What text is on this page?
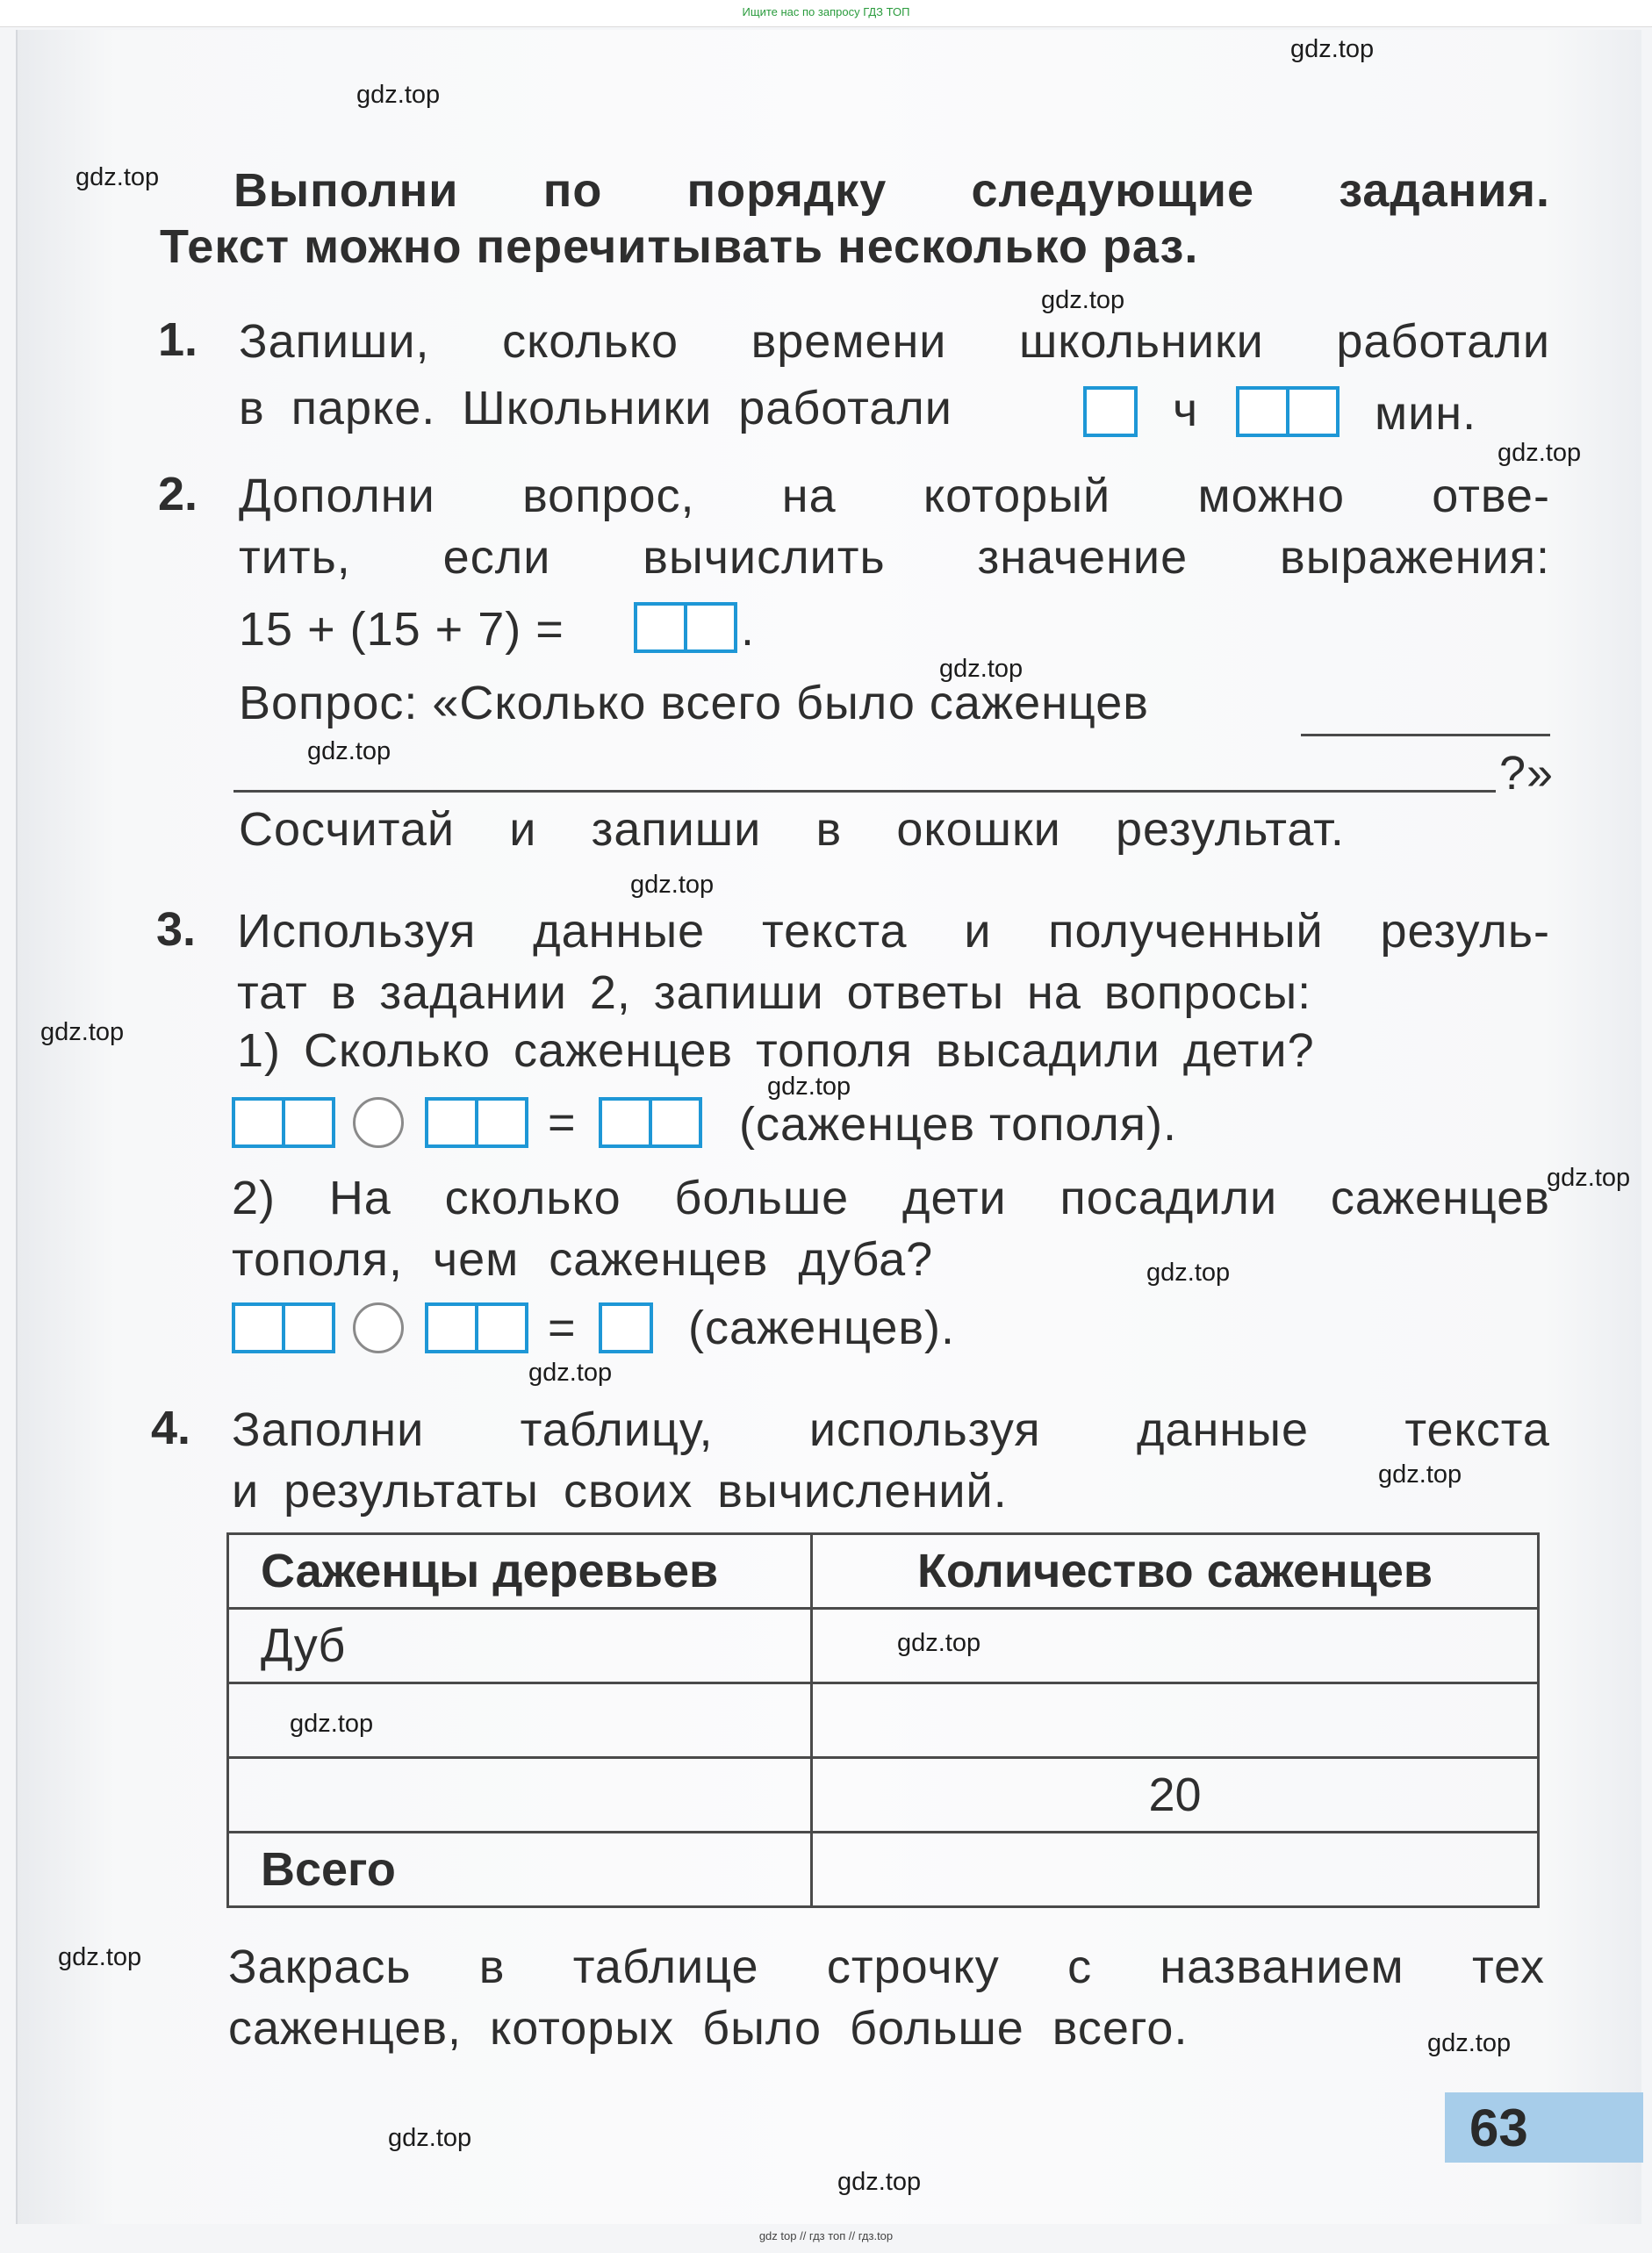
Ищите нас по запросу ГДЗ ТОП
Выполни по порядку следующие задания.
Текст можно перечитывать несколько раз.
1. Запиши, сколько времени школьники работали
в парке. Школьники работали	ч	мин.
2. Дополни вопрос, на который можно отве-
тить, если вычислить значение выражения:
15 + (15 + 7) =	.
Вопрос: «Сколько всего было саженцев
?»
Сосчитай и запиши в окошки результат.
3. Используя данные текста и полученный резуль-
тат в задании 2, запиши ответы на вопросы:
1) Сколько саженцев тополя высадили дети?
=	(саженцев тополя).
2) На сколько больше дети посадили саженцев
тополя, чем саженцев дуба?
= (саженцев).
4. Заполни таблицу, используя данные текста
и результаты своих вычислений.
Саженцы деревьев	Количество саженцев
Дуб	

	20
Всего	
Закрась в таблице строчку с названием тех
саженцев, которых было больше всего.
63
gdz.top
gdz.top
gdz.top
gdz.top
gdz.top
gdz.top
gdz.top
gdz.top
gdz.top
gdz.top
gdz.top
gdz.top
gdz.top
gdz.top
gdz.top
gdz.top
gdz.top
gdz.top
gdz.top
gdz.top
gdz top // гдз топ // гдз.top
